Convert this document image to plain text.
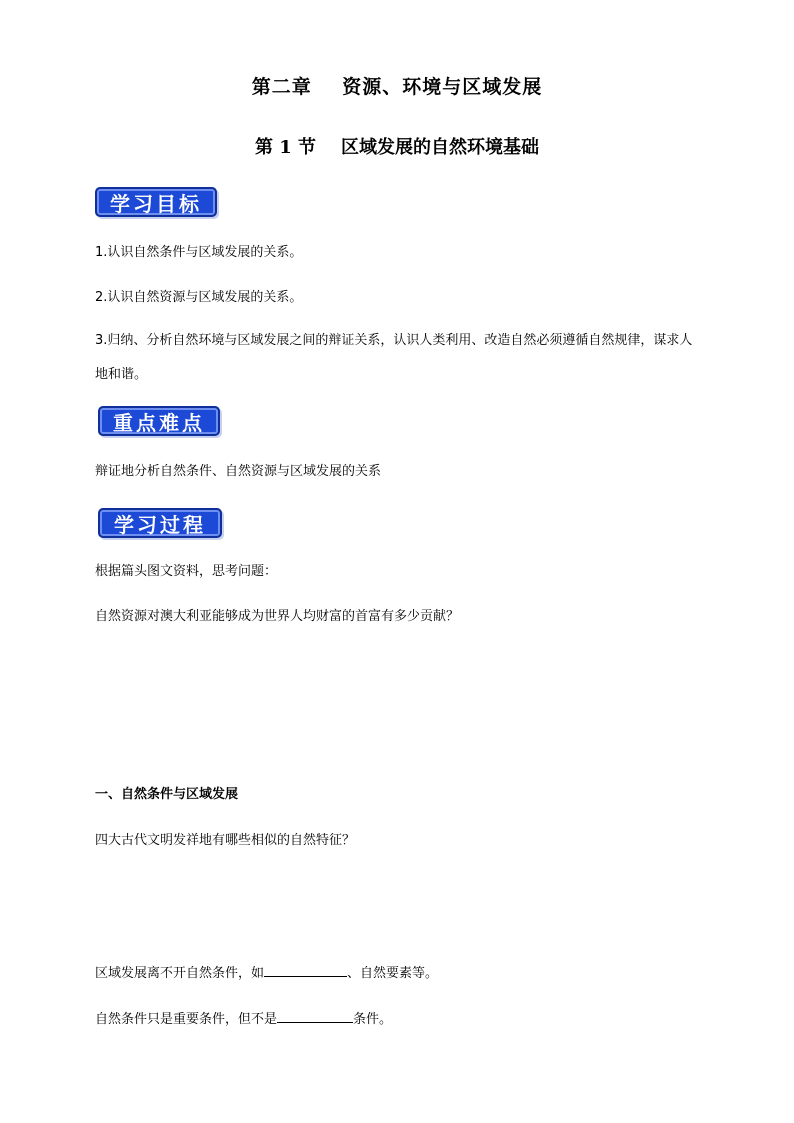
第二章    资源、环境与区域发展
第 1 节    区域发展的自然环境基础
学习目标
1.认识自然条件与区域发展的关系。
2.认识自然资源与区域发展的关系。
3.归纳、分析自然环境与区域发展之间的辩证关系，认识人类利用、改造自然必须遵循自然规律，谋求人地和谐。
重点难点
辩证地分析自然条件、自然资源与区域发展的关系
学习过程
根据篇头图文资料，思考问题：
自然资源对澳大利亚能够成为世界人均财富的首富有多少贡献？
一、自然条件与区域发展
四大古代文明发祥地有哪些相似的自然特征？
区域发展离不开自然条件，如	、自然要素等。
自然条件只是重要条件，但不是	条件。
